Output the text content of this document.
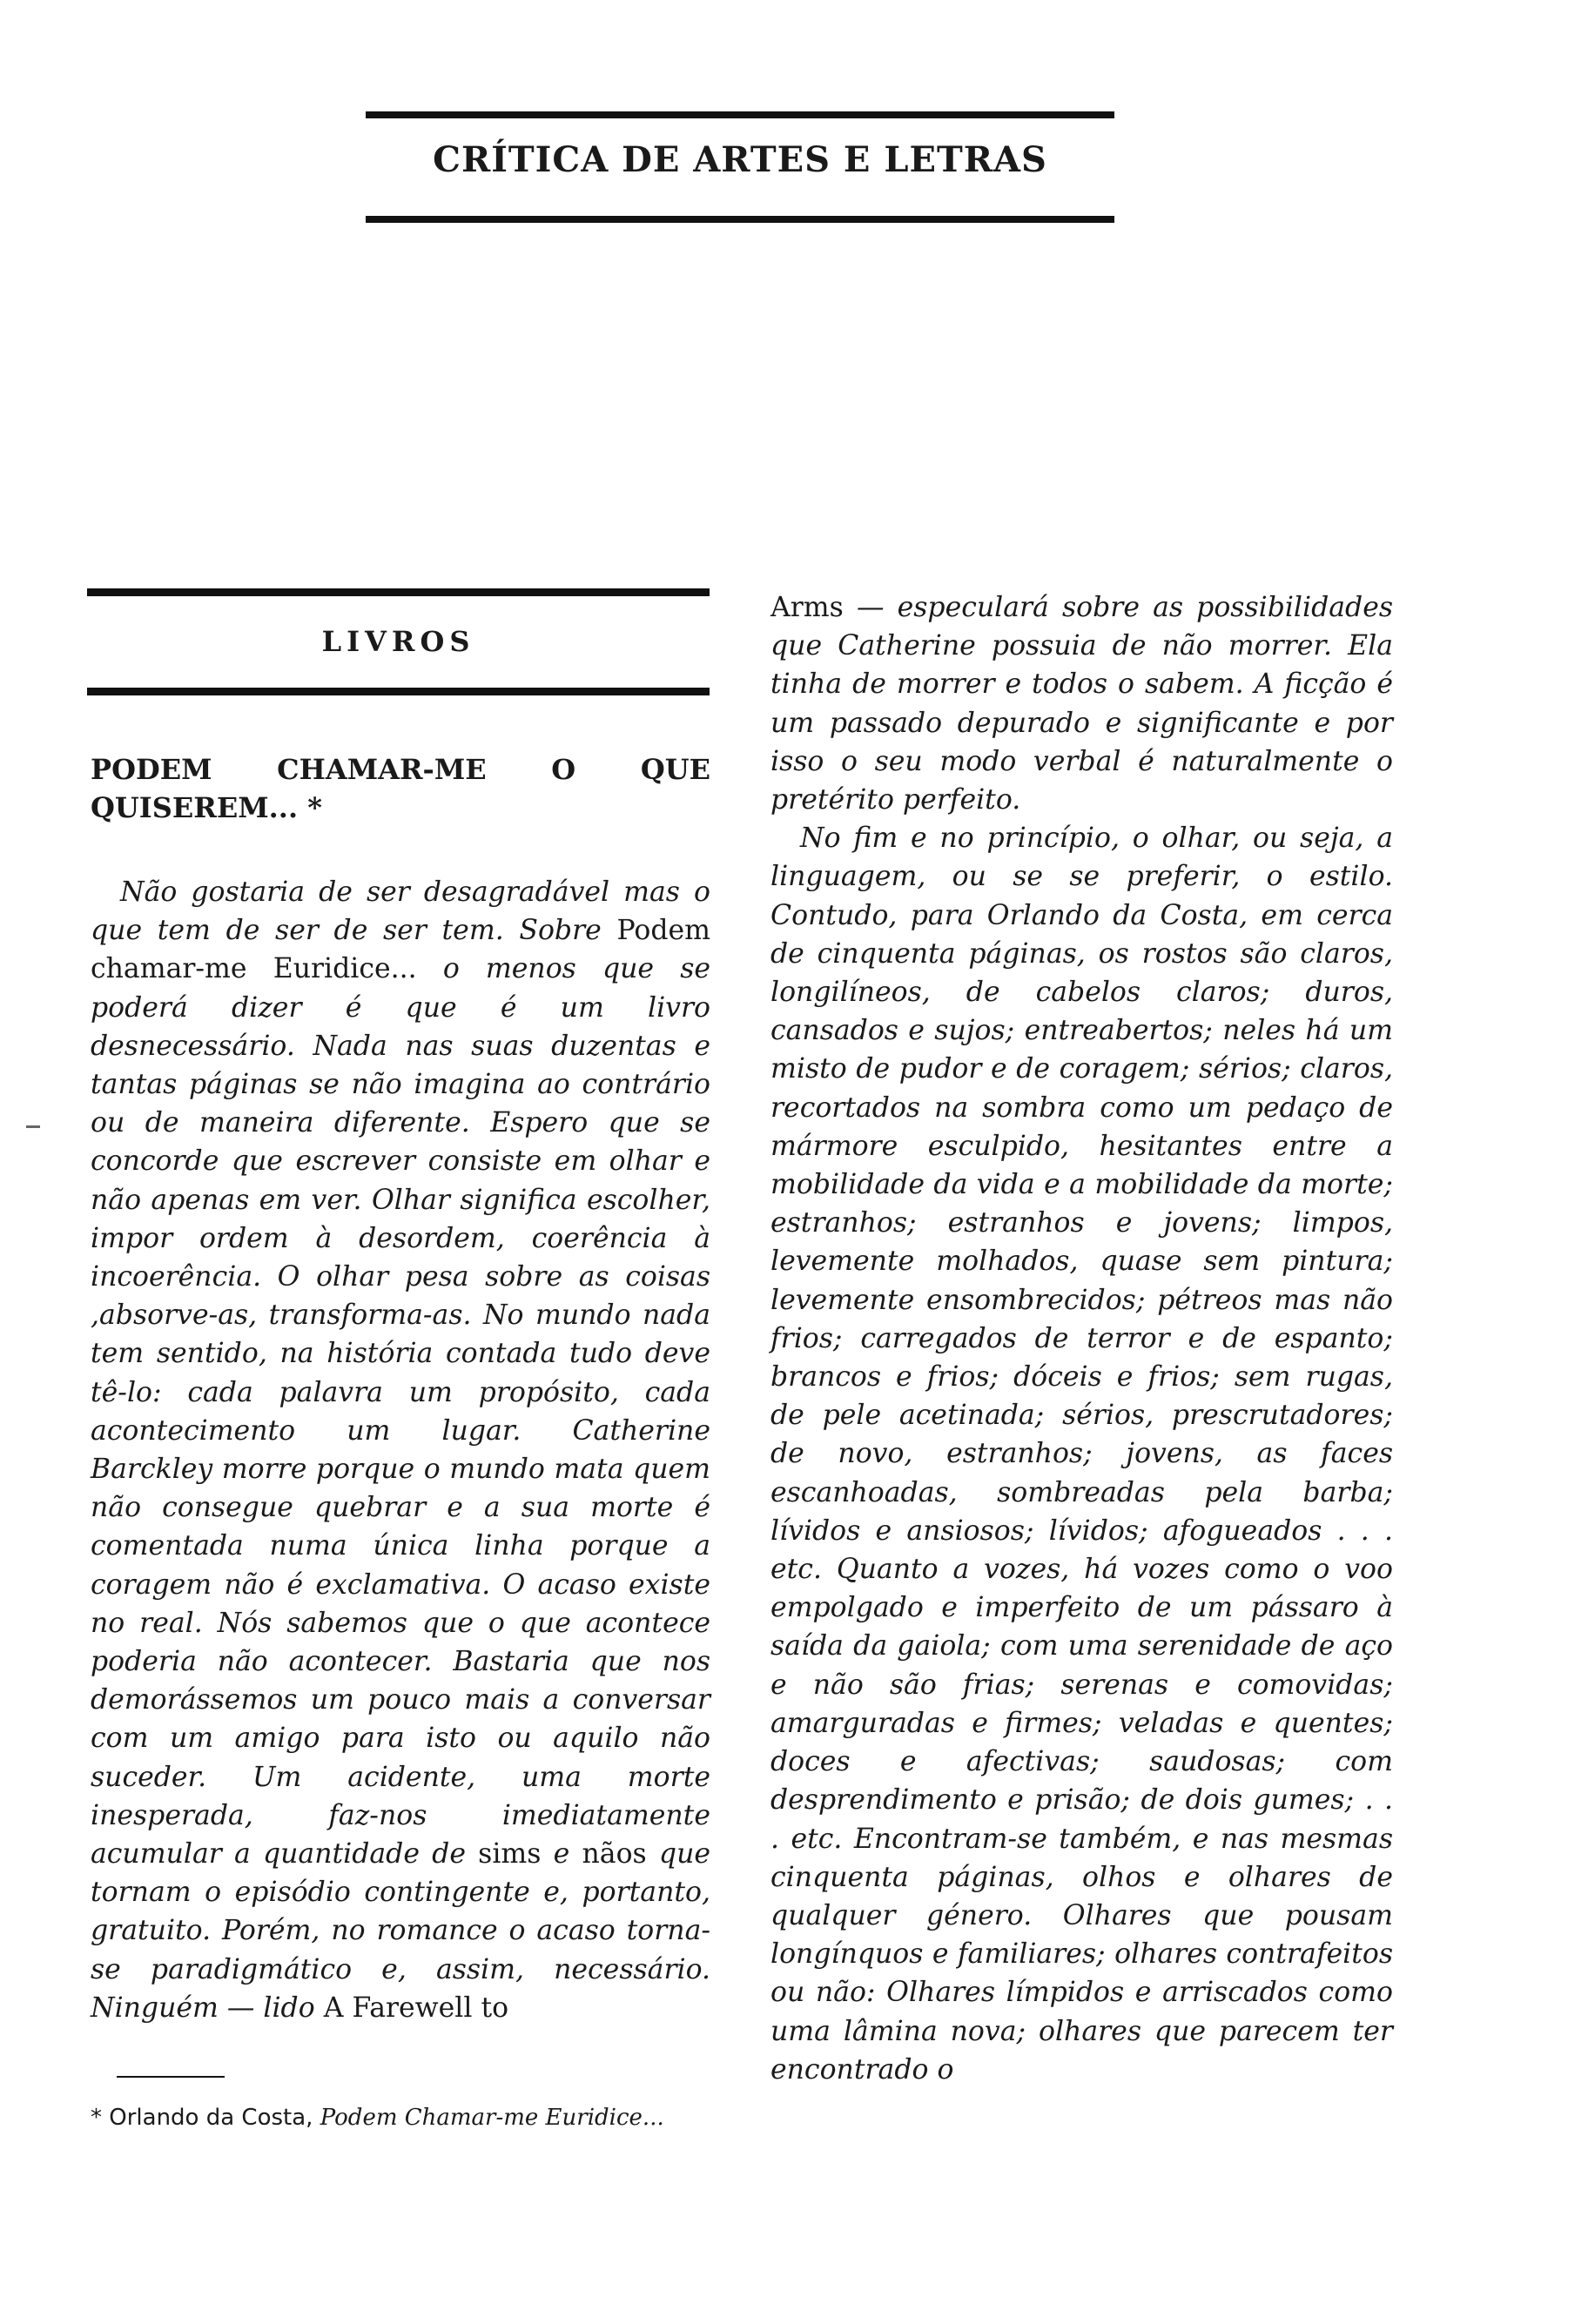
CRÍTICA DE ARTES E LETRAS
LIVROS
PODEM CHAMAR-ME O QUE QUISEREM... *

Não gostaria de ser desagradável mas o que tem de ser de ser tem. Sobre Podem chamar-me Euridice... o menos que se poderá dizer é que é um livro desnecessário. Nada nas suas duzentas e tantas páginas se não imagina ao contrário ou de maneira diferente. Espero que se concorde que escrever consiste em olhar e não apenas em ver. Olhar significa escolher, impor ordem à desordem, coerência à incoerência. O olhar pesa sobre as coisas ,absorve-as, transforma-as. No mundo nada tem sentido, na história contada tudo deve tê-lo: cada palavra um propósito, cada acontecimento um lugar. Catherine Barckley morre porque o mundo mata quem não consegue quebrar e a sua morte é comentada numa única linha porque a coragem não é exclamativa. O acaso existe no real. Nós sabemos que o que acontece poderia não acontecer. Bastaria que nos demorássemos um pouco mais a conversar com um amigo para isto ou aquilo não suceder. Um acidente, uma morte inesperada, faz-nos imediatamente acumular a quantidade de sims e nãos que tornam o episódio contingente e, portanto, gratuito. Porém, no romance o acaso torna-se paradigmático e, assim, necessário. Ninguém — lido A Farewell to

* Orlando da Costa, Podem Chamar-me Euridice...

Arms — especulará sobre as possibilidades que Catherine possuia de não morrer. Ela tinha de morrer e todos o sabem. A ficção é um passado depurado e significante e por isso o seu modo verbal é naturalmente o pretérito perfeito.

No fim e no princípio, o olhar, ou seja, a linguagem, ou se se preferir, o estilo. Contudo, para Orlando da Costa, em cerca de cinquenta páginas, os rostos são claros, longilíneos, de cabelos claros; duros, cansados e sujos; entreabertos; neles há um misto de pudor e de coragem; sérios; claros, recortados na sombra como um pedaço de mármore esculpido, hesitantes entre a mobilidade da vida e a mobilidade da morte; estranhos; estranhos e jovens; limpos, levemente molhados, quase sem pintura; levemente ensombrecidos; pétreos mas não frios; carregados de terror e de espanto; brancos e frios; dóceis e frios; sem rugas, de pele acetinada; sérios, prescrutadores; de novo, estranhos; jovens, as faces escanhoadas, sombreadas pela barba; lívidos e ansiosos; lívidos; afogueados . . . etc. Quanto a vozes, há vozes como o voo empolgado e imperfeito de um pássaro à saída da gaiola; com uma serenidade de aço e não são frias; serenas e comovidas; amarguradas e firmes; veladas e quentes; doces e afectivas; saudosas; com desprendimento e prisão; de dois gumes; . . . etc. Encontram-se também, e nas mesmas cinquenta páginas, olhos e olhares de qualquer género. Olhares que pousam longínquos e familiares; olhares contrafeitos ou não: Olhares límpidos e arriscados como uma lâmina nova; olhares que parecem ter encontrado o
